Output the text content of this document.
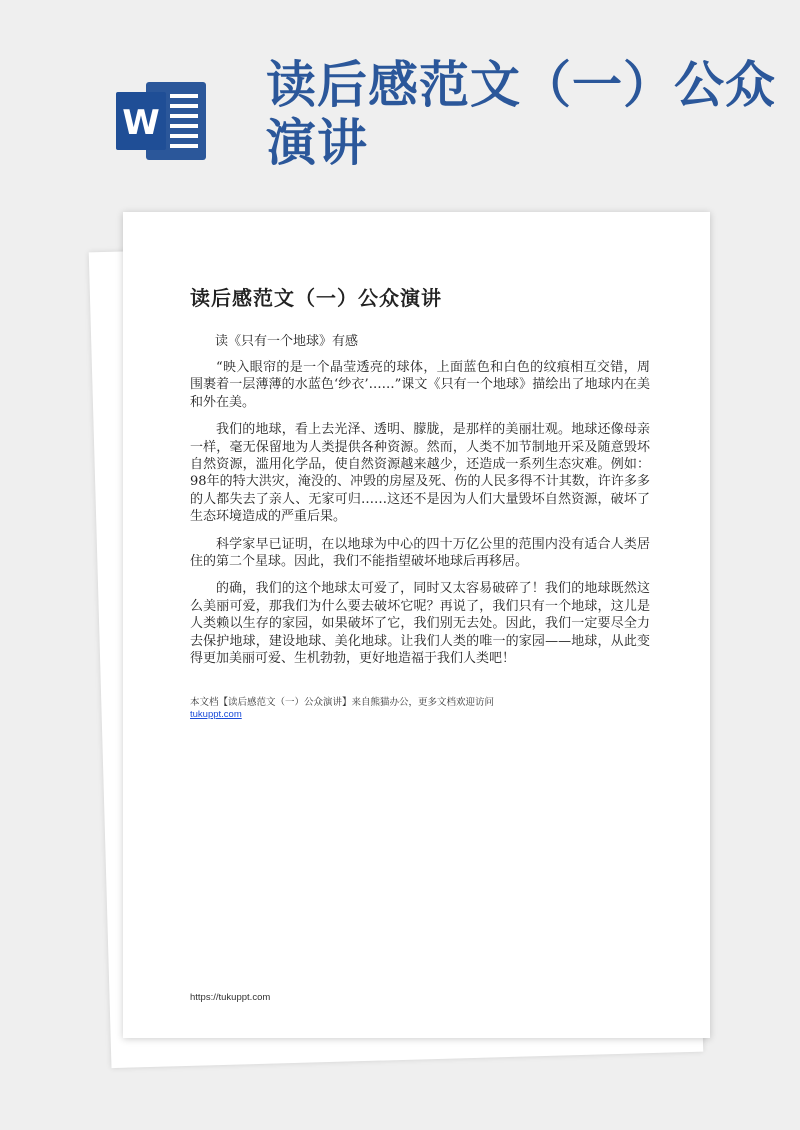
W
读后感范文（一）公众
演讲
读后感范文（一）公众演讲
读《只有一个地球》有感

“映入眼帘的是一个晶莹透亮的球体，上面蓝色和白色的纹痕相互交错，周围裹着一层薄薄的水蓝色‘纱衣’……”课文《只有一个地球》描绘出了地球内在美和外在美。

我们的地球，看上去光泽、透明、朦胧，是那样的美丽壮观。地球还像母亲一样，毫无保留地为人类提供各种资源。然而，人类不加节制地开采及随意毁坏自然资源，滥用化学品，使自然资源越来越少，还造成一系列生态灾难。例如：98年的特大洪灾，淹没的、冲毁的房屋及死、伤的人民多得不计其数，许许多多的人都失去了亲人、无家可归……这还不是因为人们大量毁坏自然资源，破坏了生态环境造成的严重后果。

科学家早已证明，在以地球为中心的四十万亿公里的范围内没有适合人类居住的第二个星球。因此，我们不能指望破坏地球后再移居。

的确，我们的这个地球太可爱了，同时又太容易破碎了！我们的地球既然这么美丽可爱，那我们为什么要去破坏它呢？再说了，我们只有一个地球，这儿是人类赖以生存的家园，如果破坏了它，我们别无去处。因此，我们一定要尽全力去保护地球，建设地球、美化地球。让我们人类的唯一的家园——地球，从此变得更加美丽可爱、生机勃勃，更好地造福于我们人类吧！

本文档【读后感范文（一）公众演讲】来自熊猫办公，更多文档欢迎访问
tukuppt.com
https://tukuppt.com
